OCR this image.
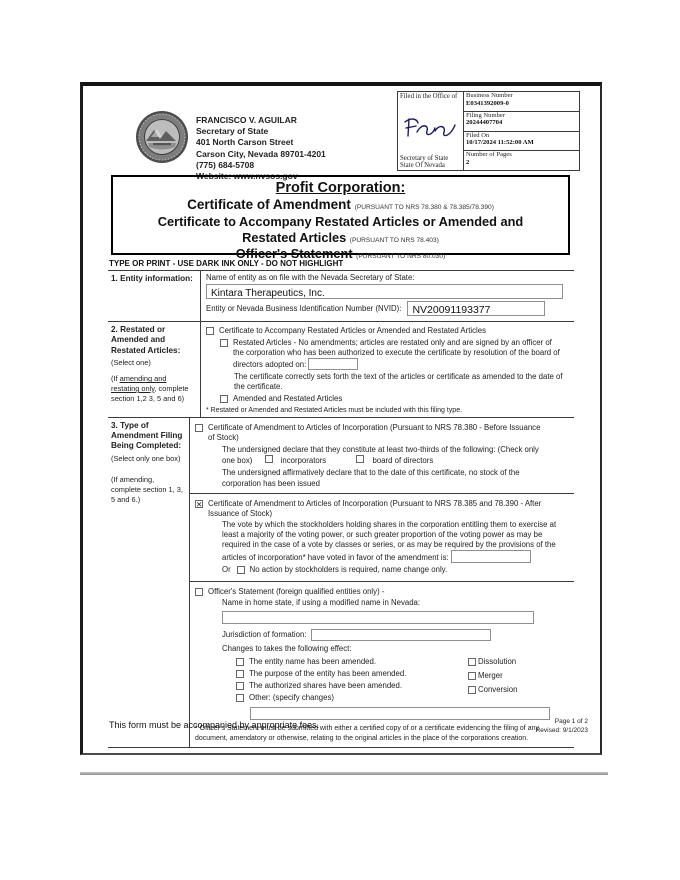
FRANCISCO V. AGUILAR
Secretary of State
401 North Carson Street
Carson City, Nevada 89701-4201
(775) 684-5708
Website: www.nvsos.gov
Filed in the Office of
Secretary of State
State Of Nevada
Business Number
E0341392009-0
Filing Number
20244407704
Filed On
10/17/2024 11:52:00 AM
Number of Pages
2
Profit Corporation:
Certificate of Amendment (PURSUANT TO NRS 78.380 & 78.385/78.390)
Certificate to Accompany Restated Articles or Amended and
Restated Articles (PURSUANT TO NRS 78.403)
Officer's Statement (PURSUANT TO NRS 80.030)
TYPE OR PRINT - USE DARK INK ONLY - DO NOT HIGHLIGHT
1. Entity information:	Name of entity as on file with the Nevada Secretary of State:
Kintara Therapeutics, Inc.
Entity or Nevada Business Identification Number (NVID):	NV20091193377
2. Restated or Amended and Restated Articles:
(Select one)
(If amending and restating only, complete section 1,2 3, 5 and 6)
Certificate to Accompany Restated Articles or Amended and Restated Articles
Restated Articles - No amendments; articles are restated only and are signed by an officer of the corporation who has been authorized to execute the certificate by resolution of the board of directors adopted on:
The certificate correctly sets forth the text of the articles or certificate as amended to the date of the certificate.
Amended and Restated Articles
* Restated or Amended and Restated Articles must be included with this filing type.
3. Type of Amendment Filing Being Completed:
(Select only one box)
(If amending, complete section 1, 3, 5 and 6.)
Certificate of Amendment to Articles of Incorporation (Pursuant to NRS 78.380 - Before Issuance of Stock)
The undersigned declare that they constitute at least two-thirds of the following: (Check only one box)	incorporators	board of directors
The undersigned affirmatively declare that to the date of this certificate, no stock of the corporation has been issued
✕ Certificate of Amendment to Articles of Incorporation (Pursuant to NRS 78.385 and 78.390 - After Issuance of Stock)
The vote by which the stockholders holding shares in the corporation entitling them to exercise at least a majority of the voting power, or such greater proportion of the voting power as may be required in the case of a vote by classes or series, or as may be required by the provisions of the articles of incorporation* have voted in favor of the amendment is:
Or No action by stockholders is required, name change only.
Officer's Statement (foreign qualified entities only) -
Name in home state, if using a modified name in Nevada:
Jurisdiction of formation:
Changes to takes the following effect:
The entity name has been amended.
The purpose of the entity has been amended.
The authorized shares have been amended.
Other: (specify changes)
Dissolution
Merger
Conversion
* Officer's Statement must be submitted with either a certified copy of or a certificate evidencing the filing of any document, amendatory or otherwise, relating to the original articles in the place of the corporations creation.
This form must be accompanied by appropriate fees.	Page 1 of 2
Revised: 9/1/2023
